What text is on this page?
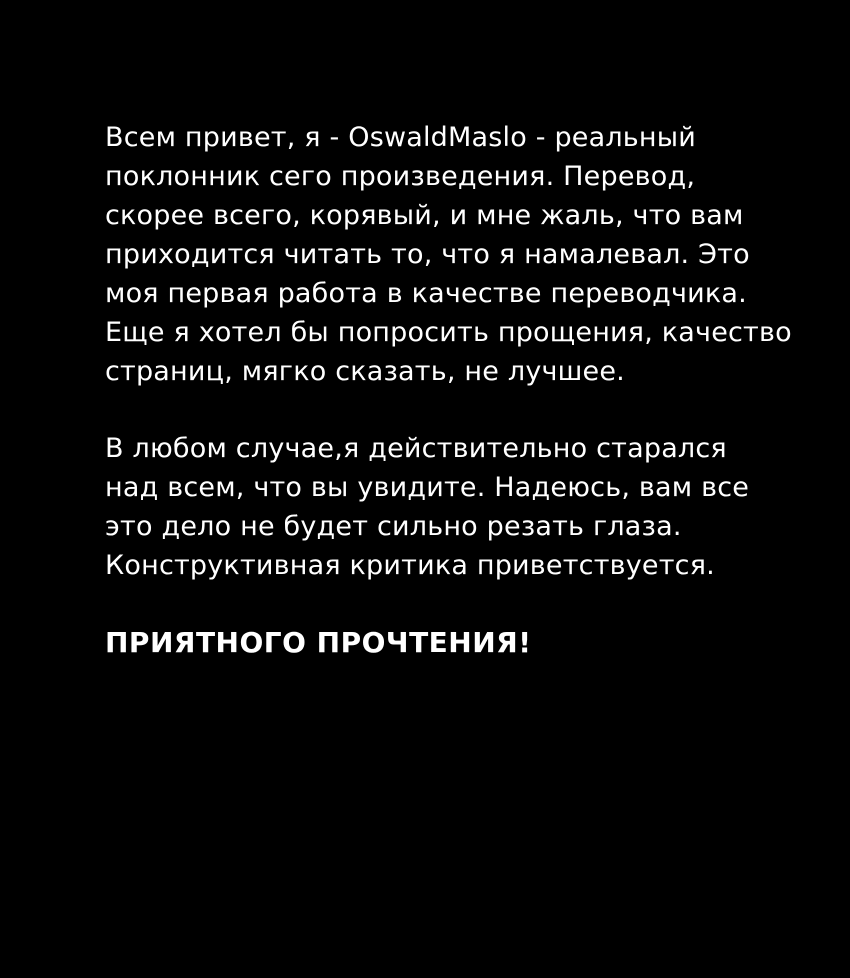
Всем привет, я - OswaldMaslo - реальный
поклонник сего произведения. Перевод,
скорее всего, корявый, и мне жаль, что вам
приходится читать то, что я намалевал. Это
моя первая работа в качестве переводчика.
Еще я хотел бы попросить прощения, качество
страниц, мягко сказать, не лучшее.
В любом случае,я действительно старался
над всем, что вы увидите. Надеюсь, вам все
это дело не будет сильно резать глаза.
Конструктивная критика приветствуется.
ПРИЯТНОГО ПРОЧТЕНИЯ!
